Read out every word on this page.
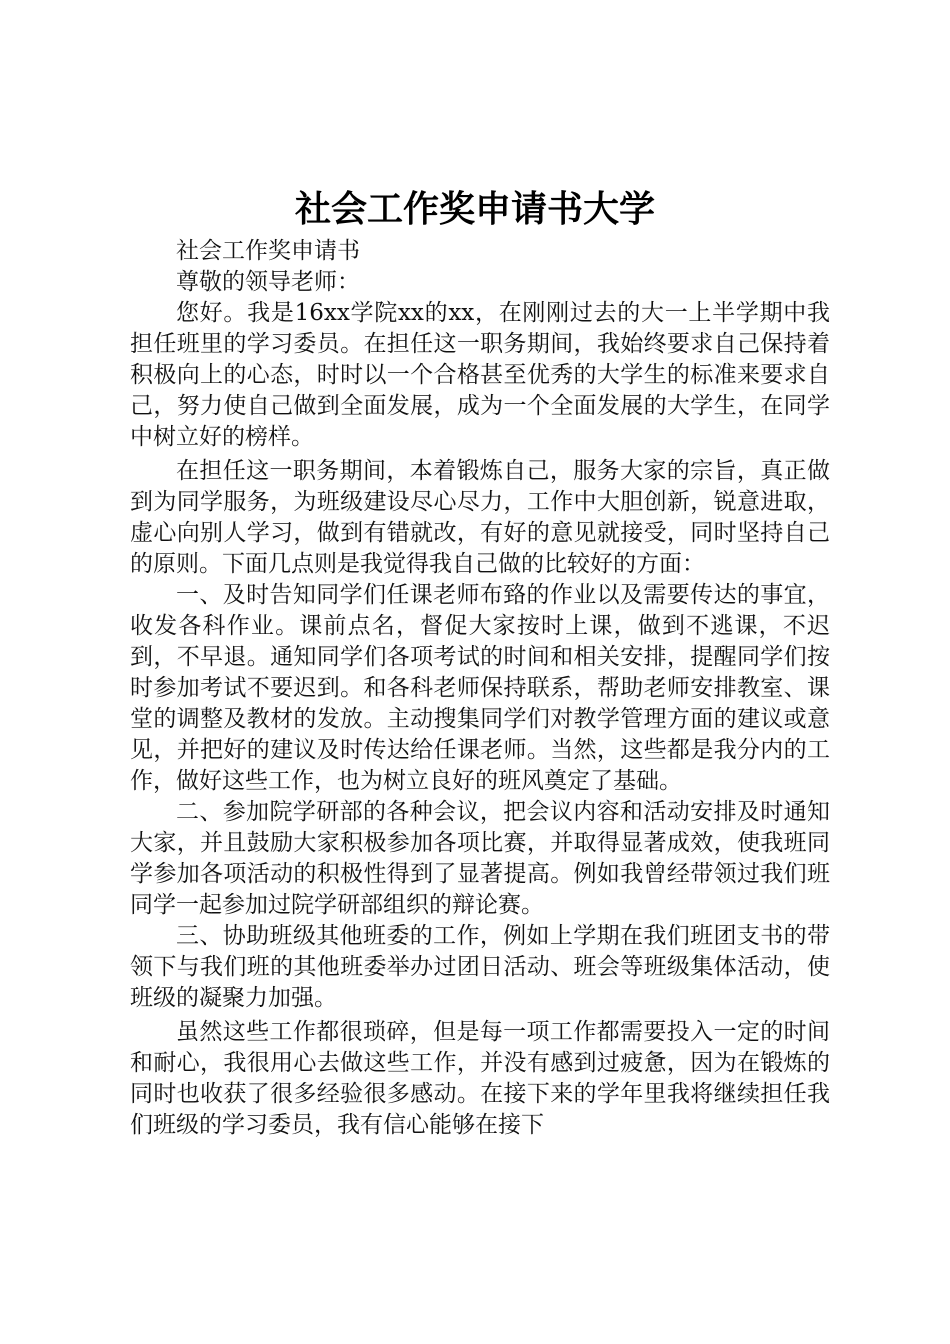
社会工作奖申请书大学

社会工作奖申请书

尊敬的领导老师：

您好。我是16xx学院xx的xx，在刚刚过去的大一上半学期中我担任班里的学习委员。在担任这一职务期间，我始终要求自己保持着积极向上的心态，时时以一个合格甚至优秀的大学生的标准来要求自己，努力使自己做到全面发展，成为一个全面发展的大学生，在同学中树立好的榜样。

在担任这一职务期间，本着锻炼自己，服务大家的宗旨，真正做到为同学服务，为班级建设尽心尽力，工作中大胆创新，锐意进取，虚心向别人学习，做到有错就改，有好的意见就接受，同时坚持自己的原则。下面几点则是我觉得我自己做的比较好的方面：

一、及时告知同学们任课老师布臵的作业以及需要传达的事宜，收发各科作业。课前点名，督促大家按时上课，做到不逃课，不迟到，不早退。通知同学们各项考试的时间和相关安排，提醒同学们按时参加考试不要迟到。和各科老师保持联系，帮助老师安排教室、课堂的调整及教材的发放。主动搜集同学们对教学管理方面的建议或意见，并把好的建议及时传达给任课老师。当然，这些都是我分内的工作，做好这些工作，也为树立良好的班风奠定了基础。

二、参加院学研部的各种会议，把会议内容和活动安排及时通知大家，并且鼓励大家积极参加各项比赛，并取得显著成效，使我班同学参加各项活动的积极性得到了显著提高。例如我曾经带领过我们班同学一起参加过院学研部组织的辩论赛。

三、协助班级其他班委的工作，例如上学期在我们班团支书的带领下与我们班的其他班委举办过团日活动、班会等班级集体活动，使班级的凝聚力加强。

虽然这些工作都很琐碎，但是每一项工作都需要投入一定的时间和耐心，我很用心去做这些工作，并没有感到过疲惫，因为在锻炼的同时也收获了很多经验很多感动。在接下来的学年里我将继续担任我们班级的学习委员，我有信心能够在接下
